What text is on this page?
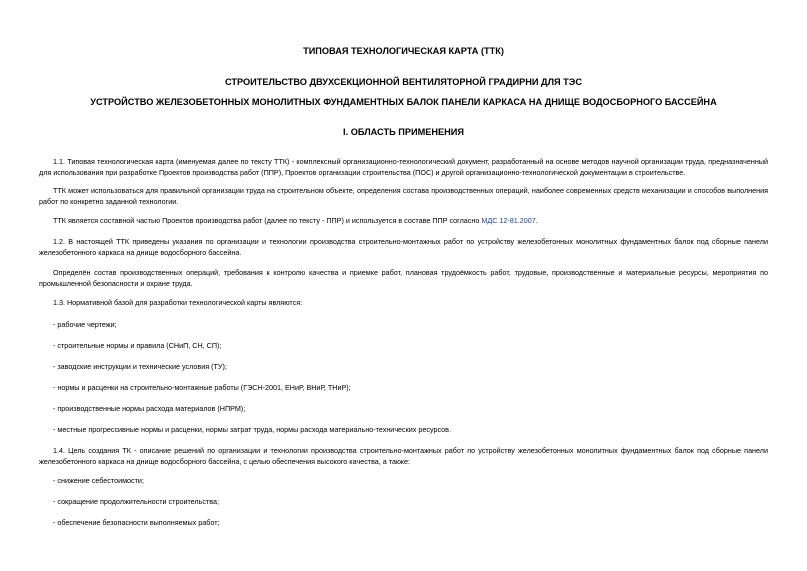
ТИПОВАЯ ТЕХНОЛОГИЧЕСКАЯ КАРТА (ТТК)
СТРОИТЕЛЬСТВО ДВУХСЕКЦИОННОЙ ВЕНТИЛЯТОРНОЙ ГРАДИРНИ ДЛЯ ТЭС
УСТРОЙСТВО ЖЕЛЕЗОБЕТОННЫХ МОНОЛИТНЫХ ФУНДАМЕНТНЫХ БАЛОК ПАНЕЛИ КАРКАСА НА ДНИЩЕ ВОДОСБОРНОГО БАССЕЙНА
I. ОБЛАСТЬ ПРИМЕНЕНИЯ
1.1. Типовая технологическая карта (именуемая далее по тексту ТТК) - комплексный организационно-технологический документ, разработанный на основе методов научной организации труда, предназначенный для использования при разработке Проектов производства работ (ППР), Проектов организации строительства (ПОС) и другой организационно-технологической документации в строительстве.
ТТК может использоваться для правильной организации труда на строительном объекте, определения состава производственных операций, наиболее современных средств механизации и способов выполнения работ по конкретно заданной технологии.
ТТК является составной частью Проектов производства работ (далее по тексту - ППР) и используется в составе ППР согласно МДС 12-81.2007.
1.2. В настоящей ТТК приведены указания по организации и технологии производства строительно-монтажных работ по устройству железобетонных монолитных фундаментных балок под сборные панели железобетонного каркаса на днище водосборного бассейна.
Определён состав производственных операций, требования к контролю качества и приемке работ, плановая трудоёмкость работ, трудовые, производственные и материальные ресурсы, мероприятия по промышленной безопасности и охране труда.
1.3. Нормативной базой для разработки технологической карты являются:
- рабочие чертежи;
- строительные нормы и правила (СНиП, СН, СП);
- заводские инструкции и технические условия (ТУ);
- нормы и расценки на строительно-монтажные работы (ГЭСН-2001, ЕНиР, ВНиР, ТНиР);
- производственные нормы расхода материалов (НПРМ);
- местные прогрессивные нормы и расценки, нормы затрат труда, нормы расхода материально-технических ресурсов.
1.4. Цель создания ТК - описание решений по организации и технологии производства строительно-монтажных работ по устройству железобетонных монолитных фундаментных балок под сборные панели железобетонного каркаса на днище водосборного бассейна, с целью обеспечения высокого качества, а также:
- снижение себестоимости;
- сокращение продолжительности строительства;
- обеспечение безопасности выполняемых работ;
